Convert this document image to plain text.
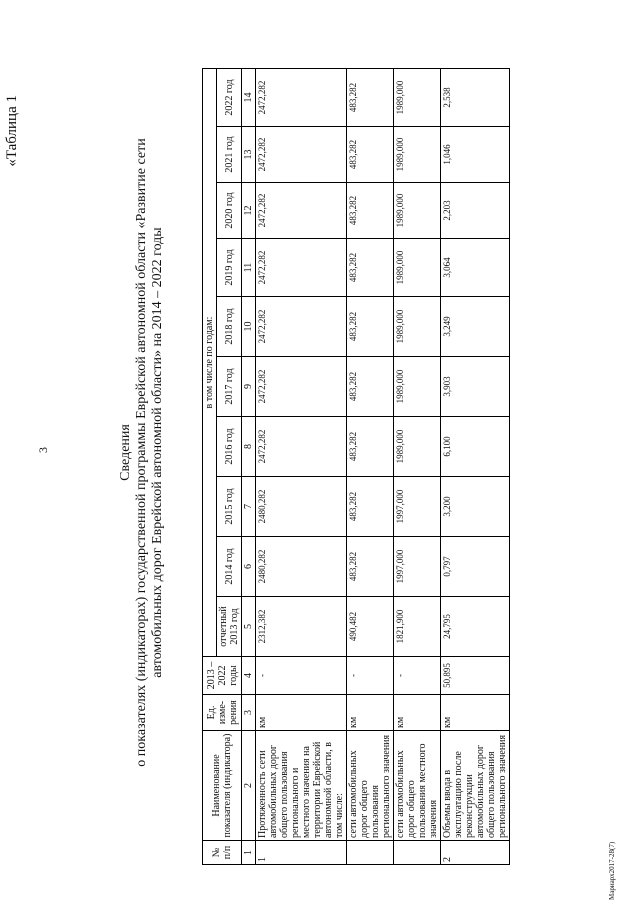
3
Мариарх2017-28(7)
«Таблица 1
Сведения о показателях (индикаторах) государственной программы Еврейской автономной области «Развитие сети автомобильных дорог Еврейской автономной области» на 2014 – 2022 годы
№ п/п	Наименование показателя (индикатора)	Ед. изме-рения	2013 – 2022 годы	в том числе по годам:									
				отчетный 2013 год	2014 год	2015 год	2016 год	2017 год	2018 год	2019 год	2020 год	2021 год	2022 год
1	2	3	4	5	6	7	8	9	10	11	12	13	14
1	Протяженность сети автомобильных дорог общего пользования регионального и местного значения на территории Еврейской автономной области, в том числе:	км	-	2312,382	2480,282	2480,282	2472,282	2472,282	2472,282	2472,282	2472,282	2472,282	2472,282
	сети автомобильных дорог общего пользования регионального значения	км	-	490,482	483,282	483,282	483,282	483,282	483,282	483,282	483,282	483,282	483,282
	сети автомобильных дорог общего пользования местного значения	км	-	1821,900	1997,000	1997,000	1989,000	1989,000	1989,000	1989,000	1989,000	1989,000	1989,000
2	Объемы ввода в эксплуатацию после реконструкции автомобильных дорог общего пользования регионального значения	км	50,895	24,795	0,797	3,200	6,100	3,903	3,249	3,064	2,203	1,046	2,538
